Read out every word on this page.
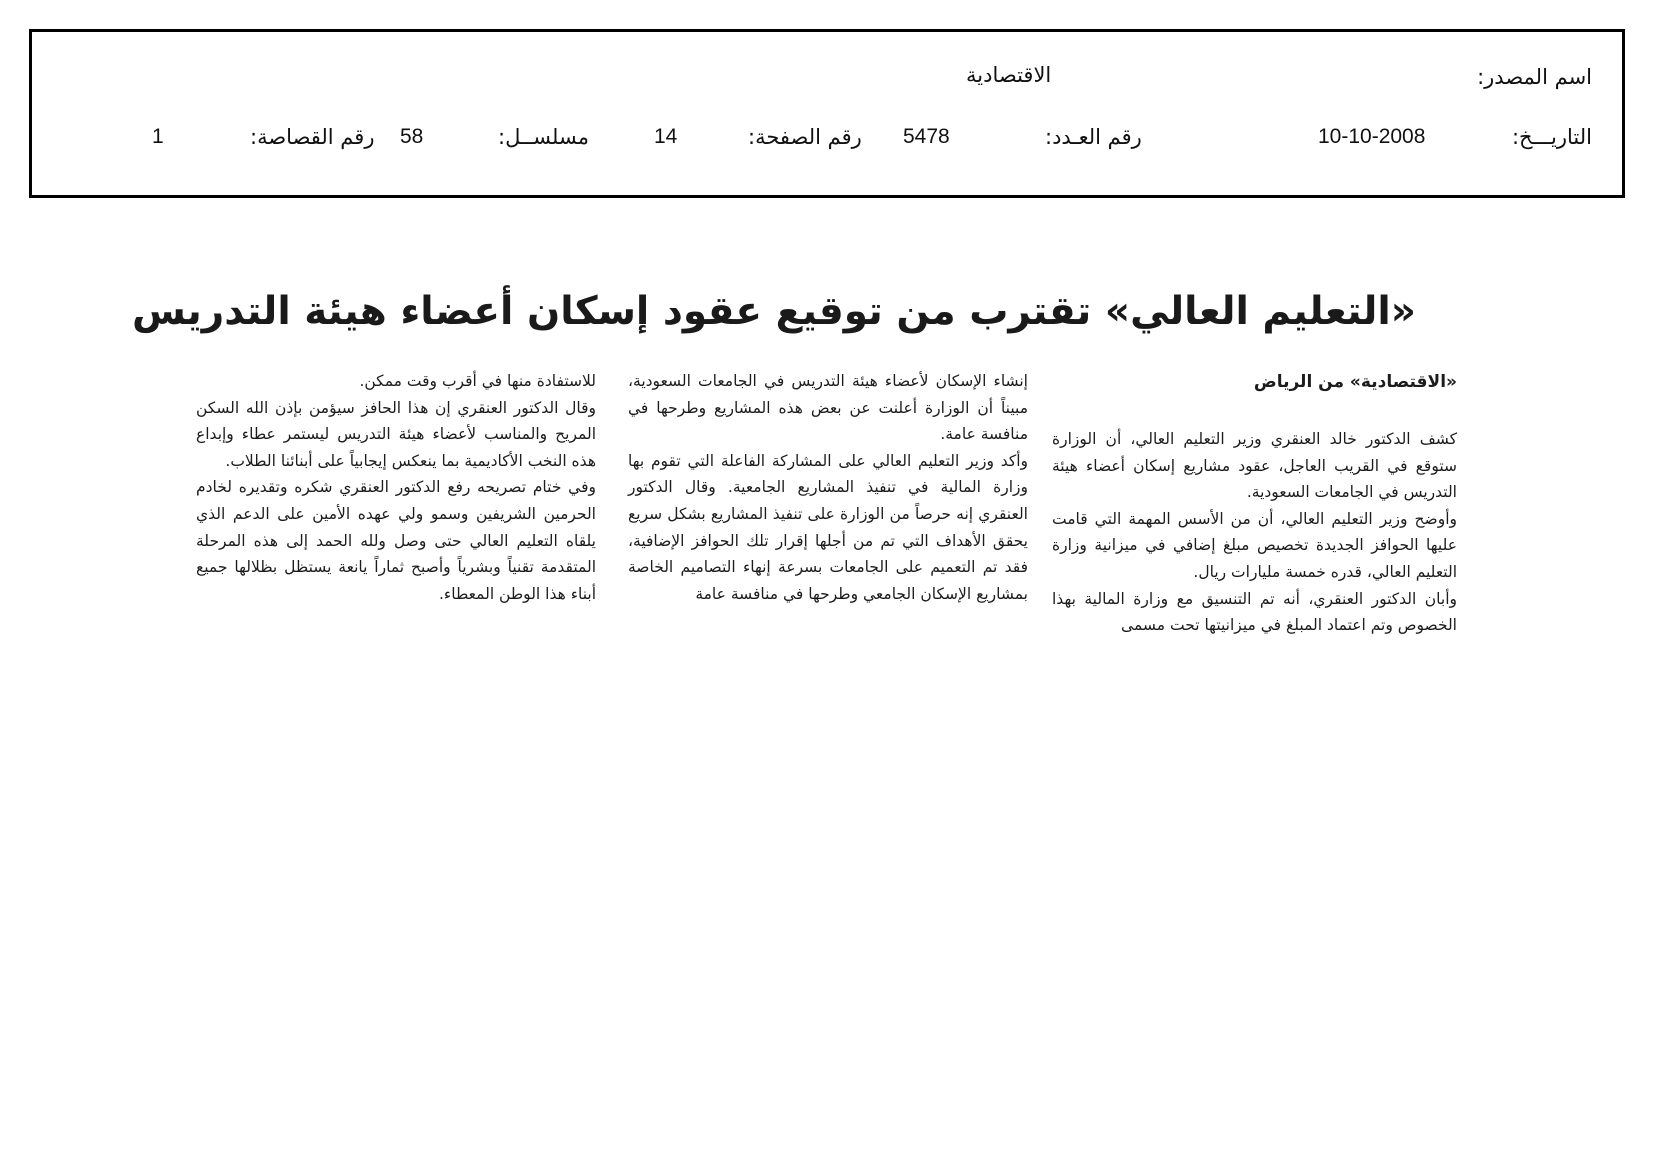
اسم المصدر:
الاقتصادية
التاريـــخ:
10-10-2008
رقم العـدد:
5478
رقم الصفحة:
14
مسلســل:
58
رقم القصاصة:
1
«التعليم العالي» تقترب من توقيع عقود إسكان أعضاء هيئة التدريس

«الاقتصادية» من الرياض

كشف الدكتور خالد العنقري وزير التعليم العالي، أن الوزارة ستوقع في القريب العاجل، عقود مشاريع إسكان أعضاء هيئة التدريس في الجامعات السعودية.

وأوضح وزير التعليم العالي، أن من الأسس المهمة التي قامت عليها الحوافز الجديدة تخصيص مبلغ إضافي في ميزانية وزارة التعليم العالي، قدره خمسة مليارات ريال.

وأبان الدكتور العنقري، أنه تم التنسيق مع وزارة المالية بهذا الخصوص وتم اعتماد المبلغ في ميزانيتها تحت مسمى

إنشاء الإسكان لأعضاء هيئة التدريس في الجامعات السعودية، مبيناً أن الوزارة أعلنت عن بعض هذه المشاريع وطرحها في منافسة عامة.

وأكد وزير التعليم العالي على المشاركة الفاعلة التي تقوم بها وزارة المالية في تنفيذ المشاريع الجامعية. وقال الدكتور العنقري إنه حرصاً من الوزارة على تنفيذ المشاريع بشكل سريع يحقق الأهداف التي تم من أجلها إقرار تلك الحوافز الإضافية، فقد تم التعميم على الجامعات بسرعة إنهاء التصاميم الخاصة بمشاريع الإسكان الجامعي وطرحها في منافسة عامة

للاستفادة منها في أقرب وقت ممكن.

وقال الدكتور العنقري إن هذا الحافز سيؤمن بإذن الله السكن المريح والمناسب لأعضاء هيئة التدريس ليستمر عطاء وإبداع هذه النخب الأكاديمية بما ينعكس إيجابياً على أبنائنا الطلاب.

وفي ختام تصريحه رفع الدكتور العنقري شكره وتقديره لخادم الحرمين الشريفين وسمو ولي عهده الأمين على الدعم الذي يلقاه التعليم العالي حتى وصل ولله الحمد إلى هذه المرحلة المتقدمة تقنياً وبشرياً وأصبح ثماراً يانعة يستظل بظلالها جميع أبناء هذا الوطن المعطاء.
